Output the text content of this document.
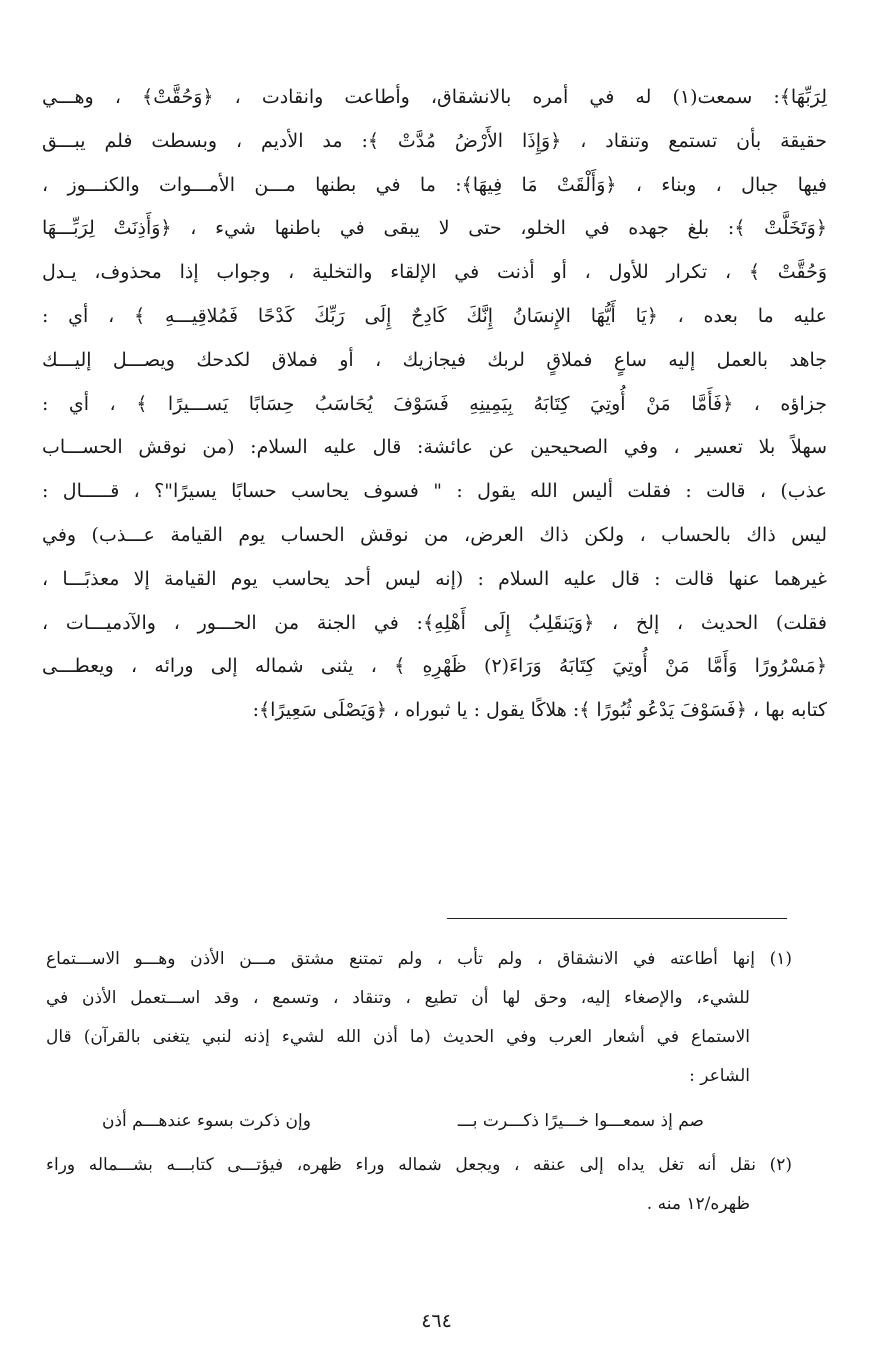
لِرَبِّهَا﴾: سمعت(١) له في أمره بالانشقاق، وأطاعت وانقادت ، ﴿وَحُقَّتْ﴾ ، وهـــي
حقيقة بأن تستمع وتنقاد ، ﴿وَإِذَا الأَرْضُ مُدَّتْ ﴾: مد الأديم ، وبسطت فلم يبـــق
فيها جبال ، وبناء ، ﴿وَأَلْقَتْ مَا فِيهَا﴾: ما في بطنها مـــن الأمـــوات والكنـــوز ،
﴿وَتَخَلَّتْ ﴾: بلغ جهده في الخلو، حتى لا يبقى في باطنها شيء ، ﴿وَأَذِنَتْ لِرَبِّـــهَا
وَحُقَّتْ ﴾ ، تكرار للأول ، أو أذنت في الإلقاء والتخلية ، وجواب إذا محذوف، يـدل
عليه ما بعده ، ﴿يَا أَيُّهَا الإِنسَانُ إِنَّكَ كَادِحٌ إِلَى رَبِّكَ كَدْحًا فَمُلاقِيـــهِ ﴾ ، أي :
جاهد بالعمل إليه ساعٍ فملاقٍ لربك فيجازيك ، أو فملاق لكدحك ويصـــل إليـــك
جزاؤه ، ﴿فَأَمَّا مَنْ أُوتِيَ كِتَابَهُ بِيَمِينِهِ فَسَوْفَ يُحَاسَبُ حِسَابًا يَســـيرًا ﴾ ، أي :
سهلاً بلا تعسير ، وفي الصحيحين عن عائشة: قال عليه السلام: (من نوقش الحســـاب
عذب) ، قالت : فقلت أليس الله يقول : " فسوف يحاسب حسابًا يسيرًا"؟ ، قـــــال :
ليس ذاك بالحساب ، ولكن ذاك العرض، من نوقش الحساب يوم القيامة عـــذب) وفي
غيرهما عنها قالت : قال عليه السلام : (إنه ليس أحد يحاسب يوم القيامة إلا معذبًـــا ،
فقلت) الحديث ، إلخ ، ﴿وَيَنقَلِبُ إِلَى أَهْلِهِ﴾: في الجنة من الحـــور ، والآدميـــات ،
﴿مَسْرُورًا وَأَمَّا مَنْ أُوتِيَ كِتَابَهُ وَرَاءَ(٢) ظَهْرِهِ ﴾ ، يثنى شماله إلى ورائه ، ويعطـــى
كتابه بها ، ﴿فَسَوْفَ يَدْعُو ثُبُورًا ﴾: هلاكًا يقول : يا ثبوراه ، ﴿وَيَصْلَى سَعِيرًا﴾:
(١) إنها أطاعته في الانشقاق ، ولم تأب ، ولم تمتنع مشتق مـــن الأذن وهـــو الاســـتماع
للشيء، والإصغاء إليه، وحق لها أن تطيع ، وتنقاد ، وتسمع ، وقد اســـتعمل الأذن في
الاستماع في أشعار العرب وفي الحديث (ما أذن الله لشيء إذنه لنبي يتغنى بالقرآن) قال
الشاعر :
صم إذ سمعـــوا خـــيرًا ذكـــرت بـــ
وإن ذكرت بسوء عندهـــم أذن
(٢) نقل أنه تغل يداه إلى عنقه ، ويجعل شماله وراء ظهره، فيؤتـــى كتابـــه بشـــماله وراء
ظهره/١٢ منه .
٤٦٤
